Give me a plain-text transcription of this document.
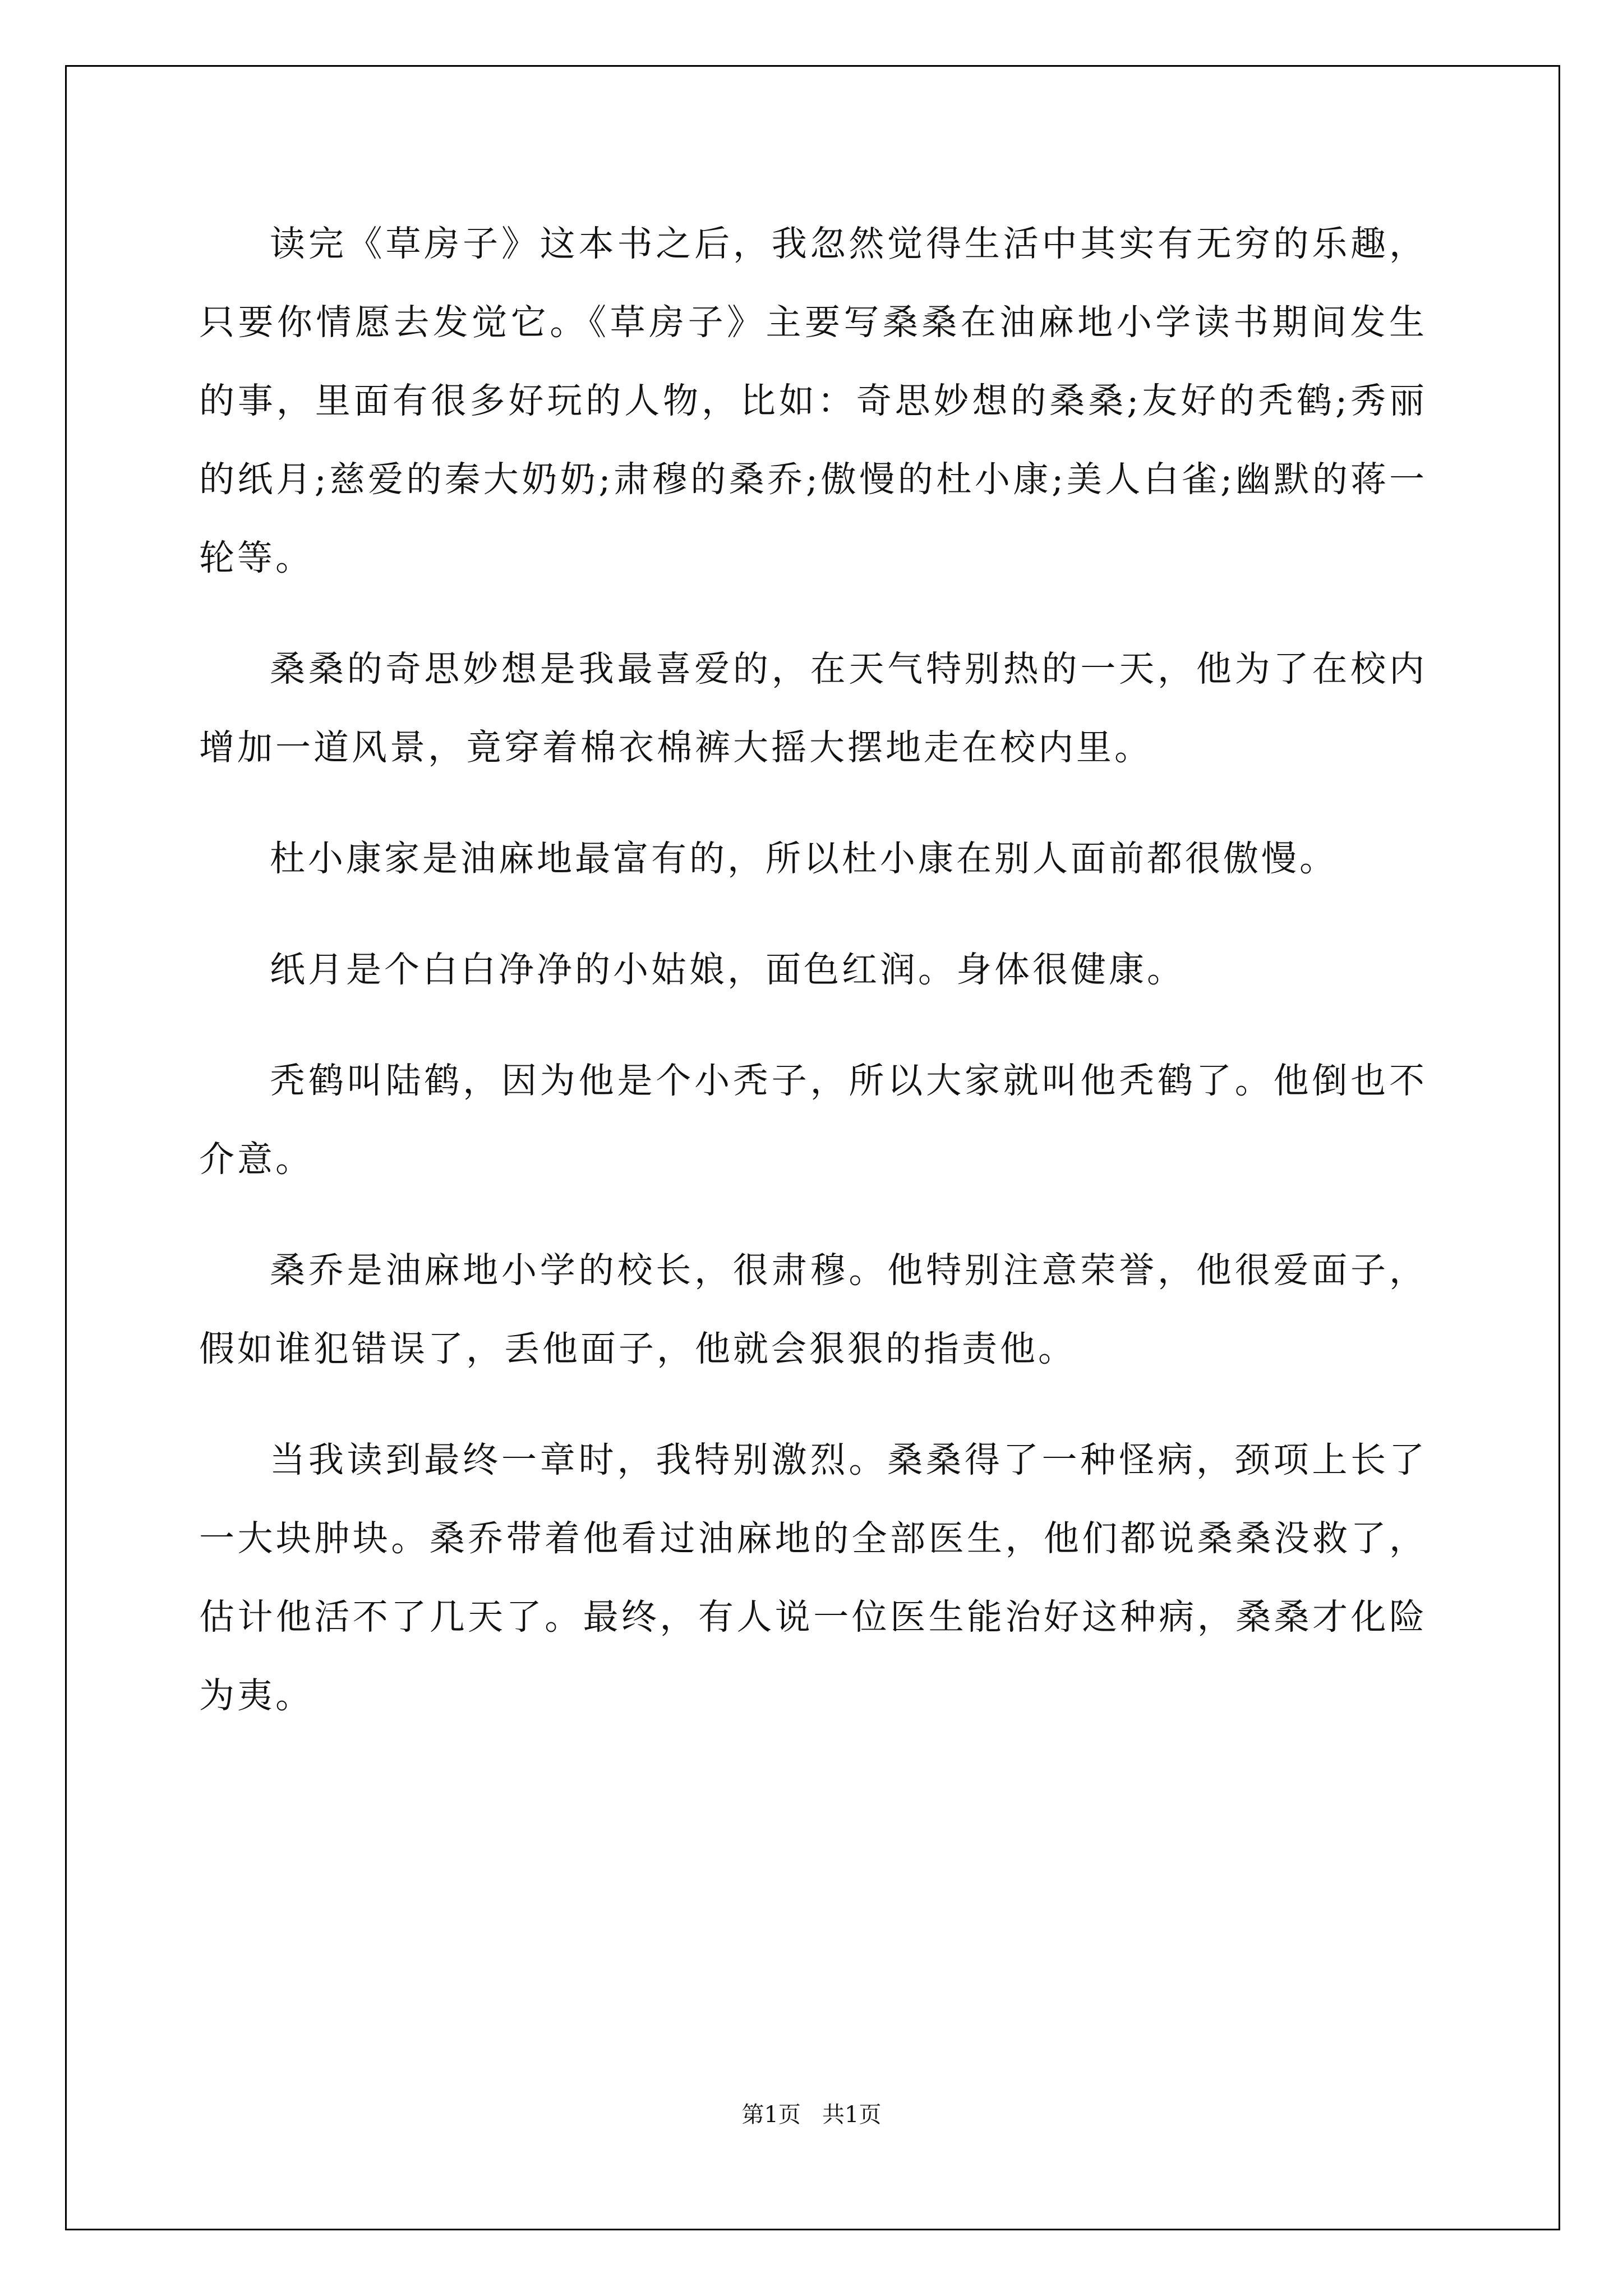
读完《草房子》这本书之后，我忽然觉得生活中其实有无穷的乐趣，只要你情愿去发觉它。《草房子》主要写桑桑在油麻地小学读书期间发生的事，里面有很多好玩的人物，比如：奇思妙想的桑桑;友好的秃鹤;秀丽的纸月;慈爱的秦大奶奶;肃穆的桑乔;傲慢的杜小康;美人白雀;幽默的蒋一轮等。

桑桑的奇思妙想是我最喜爱的，在天气特别热的一天，他为了在校内增加一道风景，竟穿着棉衣棉裤大摇大摆地走在校内里。

杜小康家是油麻地最富有的，所以杜小康在别人面前都很傲慢。

纸月是个白白净净的小姑娘，面色红润。身体很健康。

秃鹤叫陆鹤，因为他是个小秃子，所以大家就叫他秃鹤了。他倒也不介意。

桑乔是油麻地小学的校长，很肃穆。他特别注意荣誉，他很爱面子，假如谁犯错误了，丢他面子，他就会狠狠的指责他。

当我读到最终一章时，我特别激烈。桑桑得了一种怪病，颈项上长了一大块肿块。桑乔带着他看过油麻地的全部医生，他们都说桑桑没救了，估计他活不了几天了。最终，有人说一位医生能治好这种病，桑桑才化险为夷。

第1页   共1页
